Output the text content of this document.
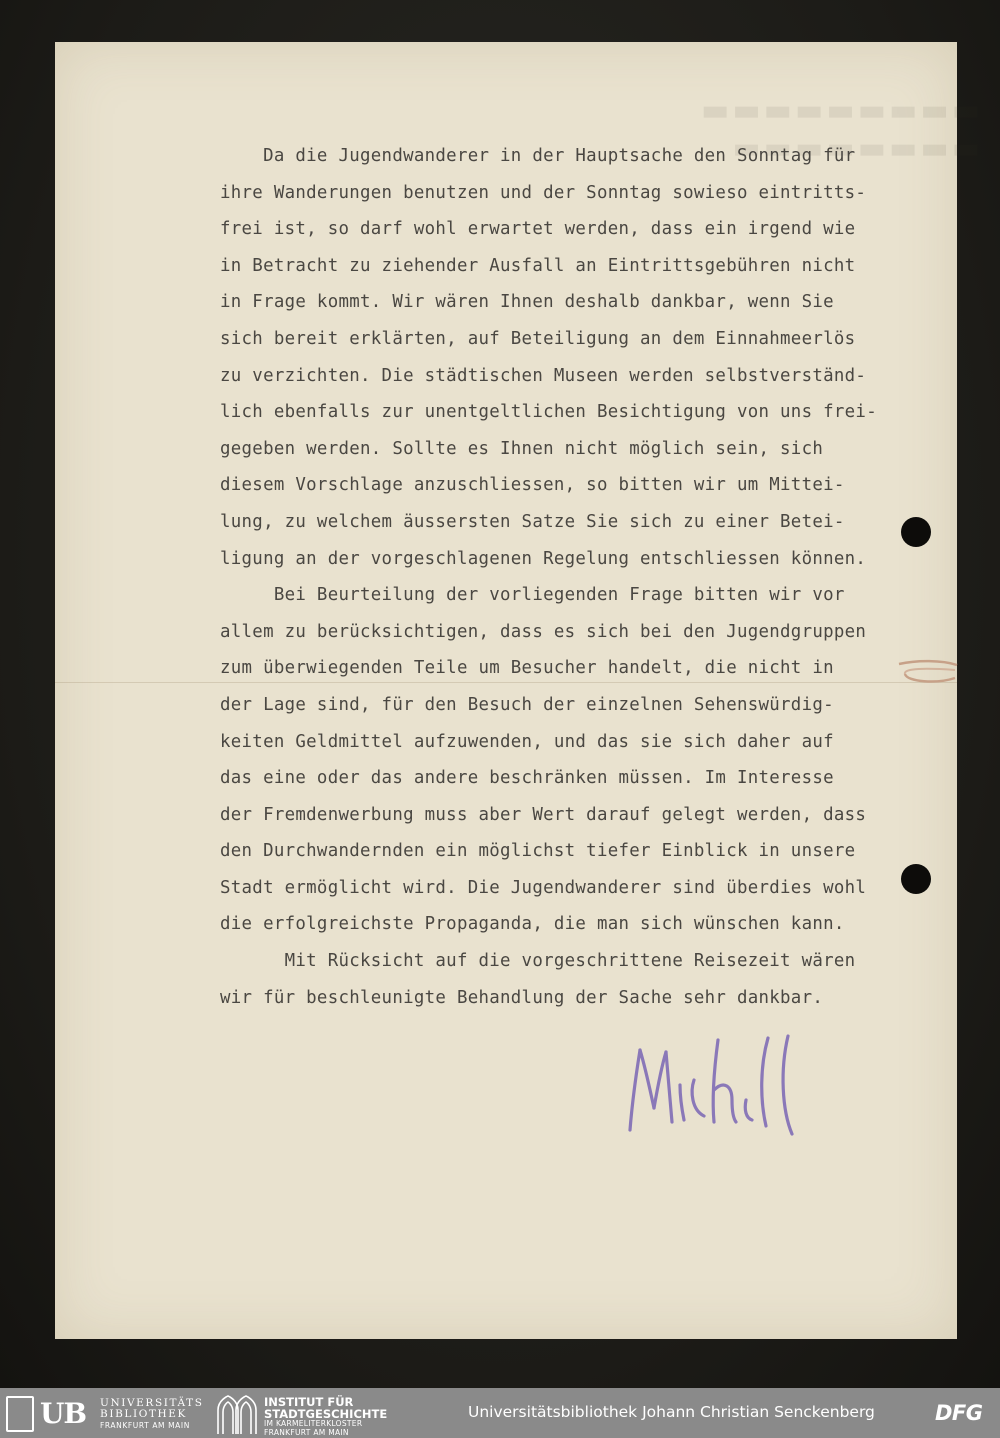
▬▬▬▬▬▬▬▬▬
▬▬▬▬▬▬▬▬
Da die Jugendwanderer in der Hauptsache den Sonntag für
ihre Wanderungen benutzen und der Sonntag sowieso eintritts-
frei ist, so darf wohl erwartet werden, dass ein irgend wie
in Betracht zu ziehender Ausfall an Eintrittsgebühren nicht
in Frage kommt. Wir wären Ihnen deshalb dankbar, wenn Sie
sich bereit erklärten, auf Beteiligung an dem Einnahmeerlös
zu verzichten. Die städtischen Museen werden selbstverständ-
lich ebenfalls zur unentgeltlichen Besichtigung von uns frei-
gegeben werden. Sollte es Ihnen nicht möglich sein, sich
diesem Vorschlage anzuschliessen, so bitten wir um Mittei-
lung, zu welchem äussersten Satze Sie sich zu einer Betei-
ligung an der vorgeschlagenen Regelung entschliessen können.
Bei Beurteilung der vorliegenden Frage bitten wir vor
allem zu berücksichtigen, dass es sich bei den Jugendgruppen
zum überwiegenden Teile um Besucher handelt, die nicht in
der Lage sind, für den Besuch der einzelnen Sehenswürdig-
keiten Geldmittel aufzuwenden, und das sie sich daher auf
das eine oder das andere beschränken müssen. Im Interesse
der Fremdenwerbung muss aber Wert darauf gelegt werden, dass
den Durchwandernden ein möglichst tiefer Einblick in unsere
Stadt ermöglicht wird. Die Jugendwanderer sind überdies wohl
die erfolgreichste Propaganda, die man sich wünschen kann.
Mit Rücksicht auf die vorgeschrittene Reisezeit wären
wir für beschleunigte Behandlung der Sache sehr dankbar.
UB UNIVERSITÄTS
BIBLIOTHEK
FRANKFURT AM MAIN
INSTITUT FÜR
STADTGESCHICHTE
IM KARMELITERKLOSTER
FRANKFURT AM MAIN
Universitätsbibliothek Johann Christian Senckenberg	DFG
